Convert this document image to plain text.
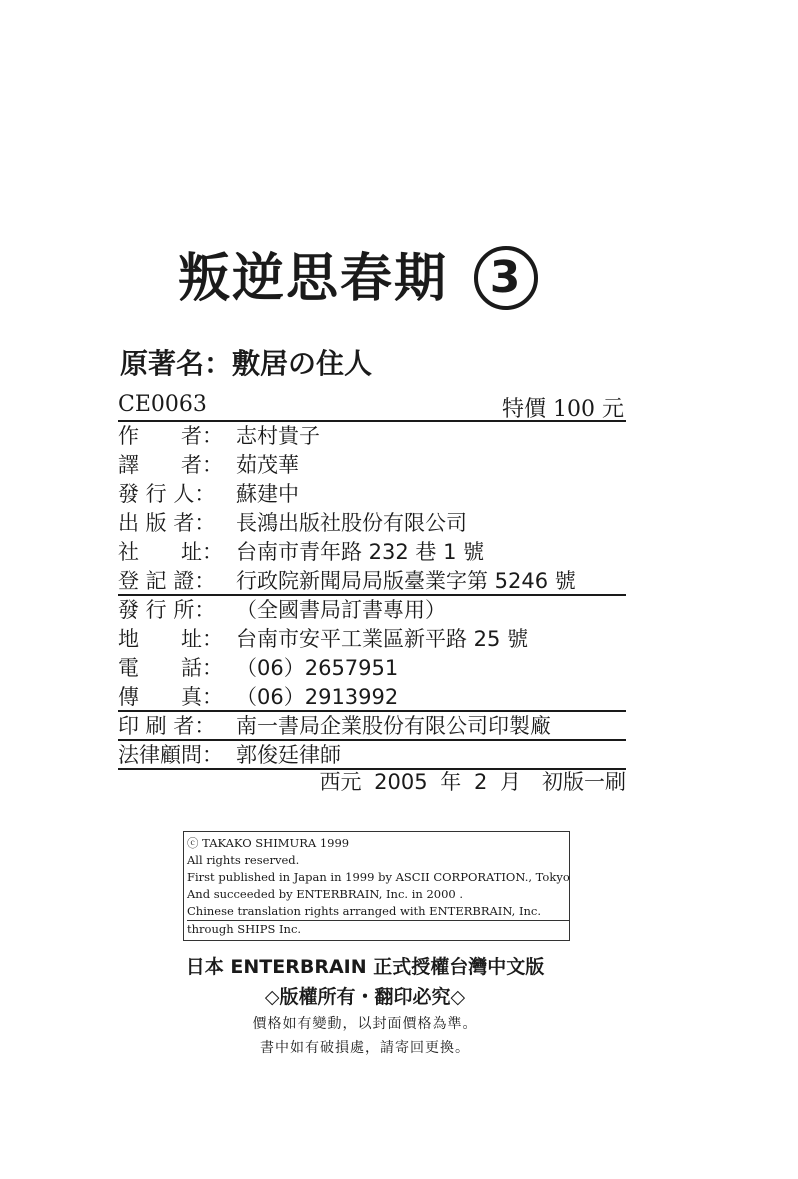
叛逆思春期 3
原著名：敷居の住人
CE0063	特價 100 元
作　　者： 志村貴子
譯　　者： 茹茂華
發 行 人： 蘇建中
出 版 者： 長鴻出版社股份有限公司
社　　址： 台南市青年路 232 巷 1 號
登 記 證： 行政院新聞局局版臺業字第 5246 號
發 行 所： （全國書局訂書專用）
地　　址： 台南市安平工業區新平路 25 號
電　　話： （06）2657951
傳　　真： （06）2913992
印 刷 者： 南一書局企業股份有限公司印製廠
法律顧問： 郭俊廷律師
西元 2005 年 2 月　初版一刷
ⓒ TAKAKO SHIMURA 1999
All rights reserved.
First published in Japan in 1999 by ASCII CORPORATION., Tokyo
And succeeded by ENTERBRAIN, Inc. in 2000 .
Chinese translation rights arranged with ENTERBRAIN, Inc.
through SHIPS Inc.
日本 ENTERBRAIN 正式授權台灣中文版
◇版權所有・翻印必究◇
價格如有變動，以封面價格為準。
書中如有破損處，請寄回更換。
